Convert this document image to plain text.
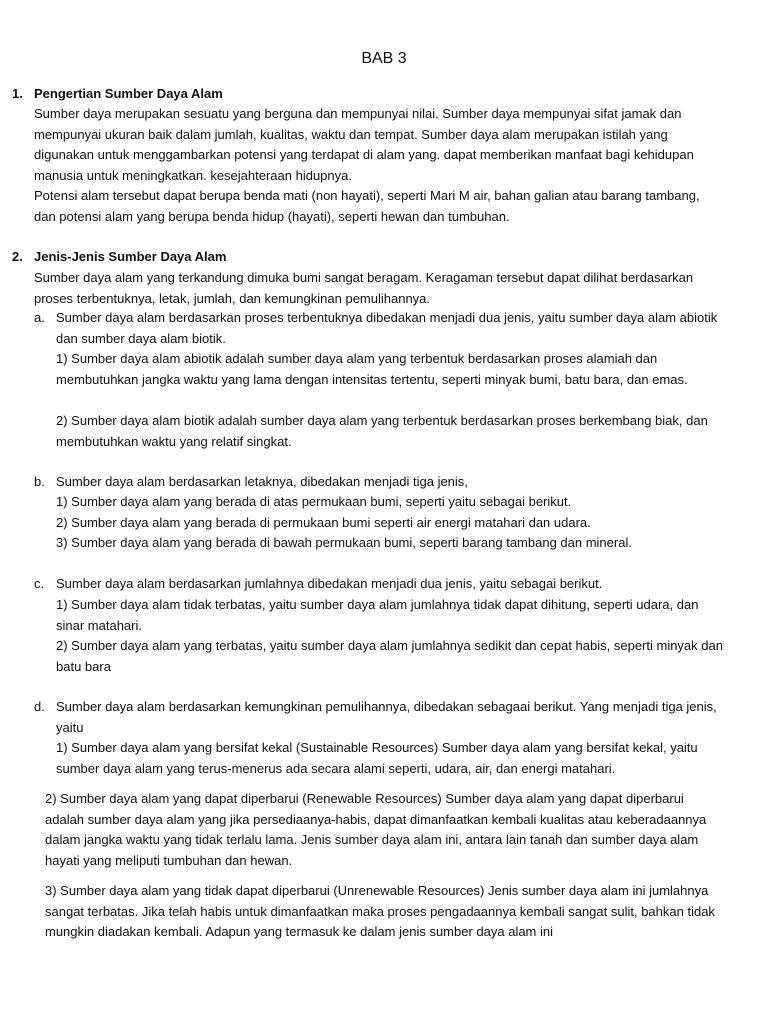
BAB 3
1. Pengertian Sumber Daya Alam

Sumber daya merupakan sesuatu yang berguna dan mempunyai nilai. Sumber daya mempunyai sifat jamak dan mempunyai ukuran baik dalam jumlah, kualitas, waktu dan tempat. Sumber daya alam merupakan istilah yang digunakan untuk menggambarkan potensi yang terdapat di alam yang. dapat memberikan manfaat bagi kehidupan manusia untuk meningkatkan. kesejahteraan hidupnya.

Potensi alam tersebut dapat berupa benda mati (non hayati), seperti Mari M air, bahan galian atau barang tambang, dan potensi alam yang berupa benda hidup (hayati), seperti hewan dan tumbuhan.

2. Jenis-Jenis Sumber Daya Alam

Sumber daya alam yang terkandung dimuka bumi sangat beragam. Keragaman tersebut dapat dilihat berdasarkan proses terbentuknya, letak, jumlah, dan kemungkinan pemulihannya.

a. Sumber daya alam berdasarkan proses terbentuknya dibedakan menjadi dua jenis, yaitu sumber daya alam abiotik dan sumber daya alam biotik.

1) Sumber daya alam abiotik adalah sumber daya alam yang terbentuk berdasarkan proses alamiah dan membutuhkan jangka waktu yang lama dengan intensitas tertentu, seperti minyak bumi, batu bara, dan emas.

2) Sumber daya alam biotik adalah sumber daya alam yang terbentuk berdasarkan proses berkembang biak, dan membutuhkan waktu yang relatif singkat.

b. Sumber daya alam berdasarkan letaknya, dibedakan menjadi tiga jenis,

1) Sumber daya alam yang berada di atas permukaan bumi, seperti yaitu sebagai berikut.

2) Sumber daya alam yang berada di permukaan bumi seperti air energi matahari dan udara.

3) Sumber daya alam yang berada di bawah permukaan bumi, seperti barang tambang dan mineral.

c. Sumber daya alam berdasarkan jumlahnya dibedakan menjadi dua jenis, yaitu sebagai berikut.

1) Sumber daya alam tidak terbatas, yaitu sumber daya alam jumlahnya tidak dapat dihitung, seperti udara, dan sinar matahari.

2) Sumber daya alam yang terbatas, yaitu sumber daya alam jumlahnya sedikit dan cepat habis, seperti minyak dan batu bara

d. Sumber daya alam berdasarkan kemungkinan pemulihannya, dibedakan sebagaai berikut. Yang menjadi tiga jenis, yaitu

1) Sumber daya alam yang bersifat kekal (Sustainable Resources) Sumber daya alam yang bersifat kekal, yaitu sumber daya alam yang terus-menerus ada secara alami seperti, udara, air, dan energi matahari.

2) Sumber daya alam yang dapat diperbarui (Renewable Resources) Sumber daya alam yang dapat diperbarui adalah sumber daya alam yang jika persediaanya-habis, dapat dimanfaatkan kembali kualitas atau keberadaannya dalam jangka waktu yang tidak terlalu lama. Jenis sumber daya alam ini, antara lain tanah dan sumber daya alam hayati yang meliputi tumbuhan dan hewan.

3) Sumber daya alam yang tidak dapat diperbarui (Unrenewable Resources) Jenis sumber daya alam ini jumlahnya sangat terbatas. Jika telah habis untuk dimanfaatkan maka proses pengadaannya kembali sangat sulit, bahkan tidak mungkin diadakan kembali. Adapun yang termasuk ke dalam jenis sumber daya alam ini
